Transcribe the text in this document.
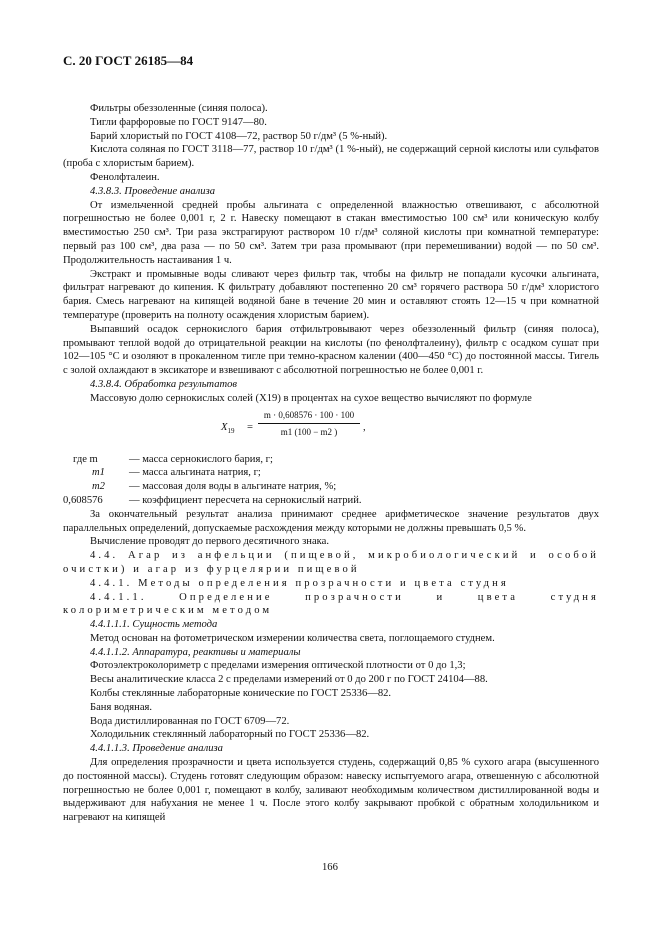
С. 20 ГОСТ 26185—84

Фильтры обеззоленные (синяя полоса).

Тигли фарфоровые по ГОСТ 9147—80.

Барий хлористый по ГОСТ 4108—72, раствор 50 г/дм³ (5 %-ный).

Кислота соляная по ГОСТ 3118—77, раствор 10 г/дм³ (1 %-ный), не содержащий серной кислоты или сульфатов (проба с хлористым барием).

Фенолфталеин.

4.3.8.3. Проведение анализа

От измельченной средней пробы альгината с определенной влажностью отвешивают, с абсолютной погрешностью не более 0,001 г, 2 г. Навеску помещают в стакан вместимостью 100 см³ или коническую колбу вместимостью 250 см³. Три раза экстрагируют раствором 10 г/дм³ соляной кислоты при комнатной температуре: первый раз 100 см³, два раза — по 50 см³. Затем три раза промывают (при перемешивании) водой — по 50 см³. Продолжительность настаивания 1 ч.

Экстракт и промывные воды сливают через фильтр так, чтобы на фильтр не попадали кусочки альгината, фильтрат нагревают до кипения. К фильтрату добавляют постепенно 20 см³ горячего раствора 50 г/дм³ хлористого бария. Смесь нагревают на кипящей водяной бане в течение 20 мин и оставляют стоять 12—15 ч при комнатной температуре (проверить на полноту осаждения хлористым барием).

Выпавший осадок сернокислого бария отфильтровывают через обеззоленный фильтр (синяя полоса), промывают теплой водой до отрицательной реакции на кислоты (по фенолфталеину), фильтр с осадком сушат при 102—105 °С и озоляют в прокаленном тигле при темно-красном калении (400—450 °С) до постоянной массы. Тигель с золой охлаждают в эксикаторе и взвешивают с абсолютной погрешностью не более 0,001 г.

4.3.8.4. Обработка результатов

Массовую долю сернокислых солей (X19) в процентах на сухое вещество вычисляют по формуле

$X_{19} = \frac{m \cdot 0,608576 \cdot 100 \cdot 100}{m1 (100 - m2 )}$ ,
где m	— масса сернокислого бария, г;
m1 — масса альгината натрия, г;
m2 — массовая доля воды в альгинате натрия, %;
0,608576	— коэффициент пересчета на сернокислый натрий.

За окончательный результат анализа принимают среднее арифметическое значение результатов двух параллельных определений, допускаемые расхождения между которыми не должны превышать 0,5 %.

Вычисление проводят до первого десятичного знака.

4.4. Агар из анфельции (пищевой, микробиологический и особой очистки) и агар из фурцелярии пищевой

4.4.1. Методы определения прозрачности и цвета студня

4.4.1.1. Определение прозрачности и цвета студня колориметрическим методом

4.4.1.1.1. Сущность метода

Метод основан на фотометрическом измерении количества света, поглощаемого студнем.

4.4.1.1.2. Аппаратура, реактивы и материалы

Фотоэлектроколориметр с пределами измерения оптической плотности от 0 до 1,3;

Весы аналитические класса 2 с пределами измерений от 0 до 200 г по ГОСТ 24104—88.

Колбы стеклянные лабораторные конические по ГОСТ 25336—82.

Баня водяная.

Вода дистиллированная по ГОСТ 6709—72.

Холодильник стеклянный лабораторный по ГОСТ 25336—82.

4.4.1.1.3. Проведение анализа

Для определения прозрачности и цвета используется студень, содержащий 0,85 % сухого агара (высушенного до постоянной массы). Студень готовят следующим образом: навеску испытуемого агара, отвешенную с абсолютной погрешностью не более 0,001 г, помещают в колбу, заливают необходимым количеством дистиллированной воды и выдерживают для набухания не менее 1 ч. После этого колбу закрывают пробкой с обратным холодильником и нагревают на кипящей

166
